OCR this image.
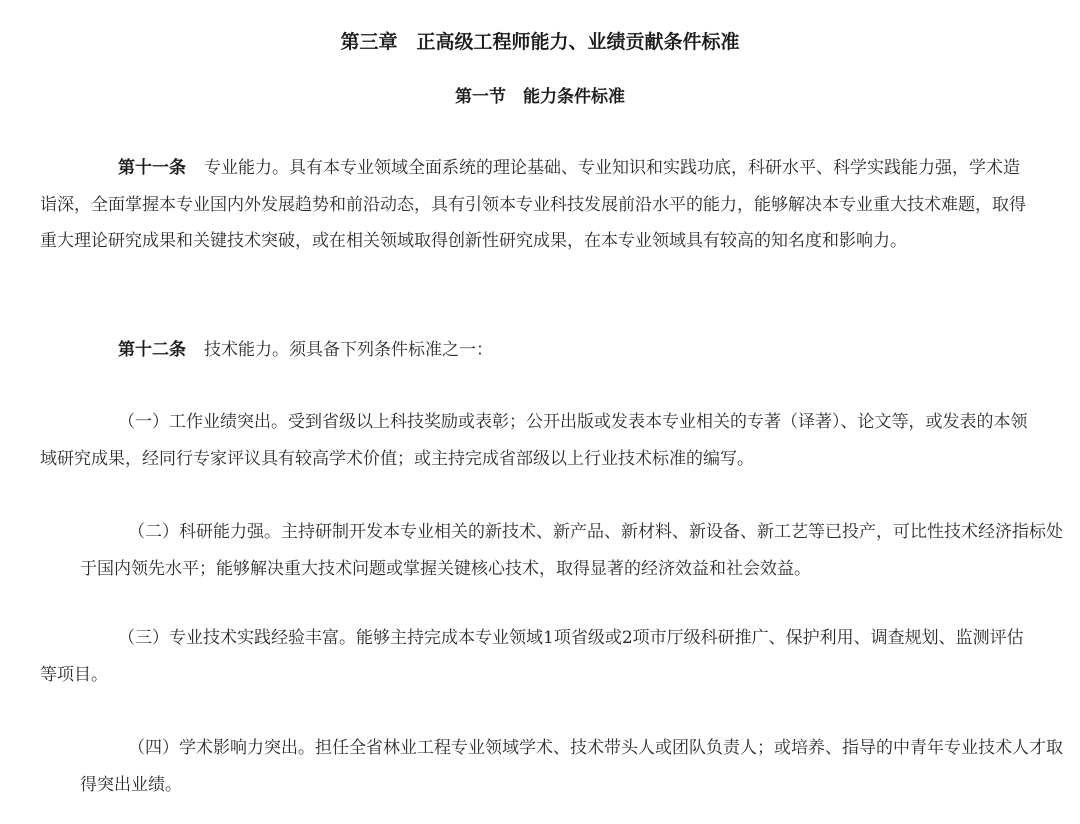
第三章　正高级工程师能力、业绩贡献条件标准
第一节　能力条件标准

第十一条 专业能力。具有本专业领域全面系统的理论基础、专业知识和实践功底，科研水平、科学实践能力强，学术造诣深，全面掌握本专业国内外发展趋势和前沿动态，具有引领本专业科技发展前沿水平的能力，能够解决本专业重大技术难题，取得重大理论研究成果和关键技术突破，或在相关领域取得创新性研究成果，在本专业领域具有较高的知名度和影响力。

第十二条 技术能力。须具备下列条件标准之一：

（一）工作业绩突出。受到省级以上科技奖励或表彰；公开出版或发表本专业相关的专著（译著）、论文等，或发表的本领域研究成果，经同行专家评议具有较高学术价值；或主持完成省部级以上行业技术标准的编写。

（二）科研能力强。主持研制开发本专业相关的新技术、新产品、新材料、新设备、新工艺等已投产，可比性技术经济指标处于国内领先水平；能够解决重大技术问题或掌握关键核心技术，取得显著的经济效益和社会效益。

（三）专业技术实践经验丰富。能够主持完成本专业领域1项省级或2项市厅级科研推广、保护利用、调查规划、监测评估等项目。

（四）学术影响力突出。担任全省林业工程专业领域学术、技术带头人或团队负责人；或培养、指导的中青年专业技术人才取得突出业绩。
